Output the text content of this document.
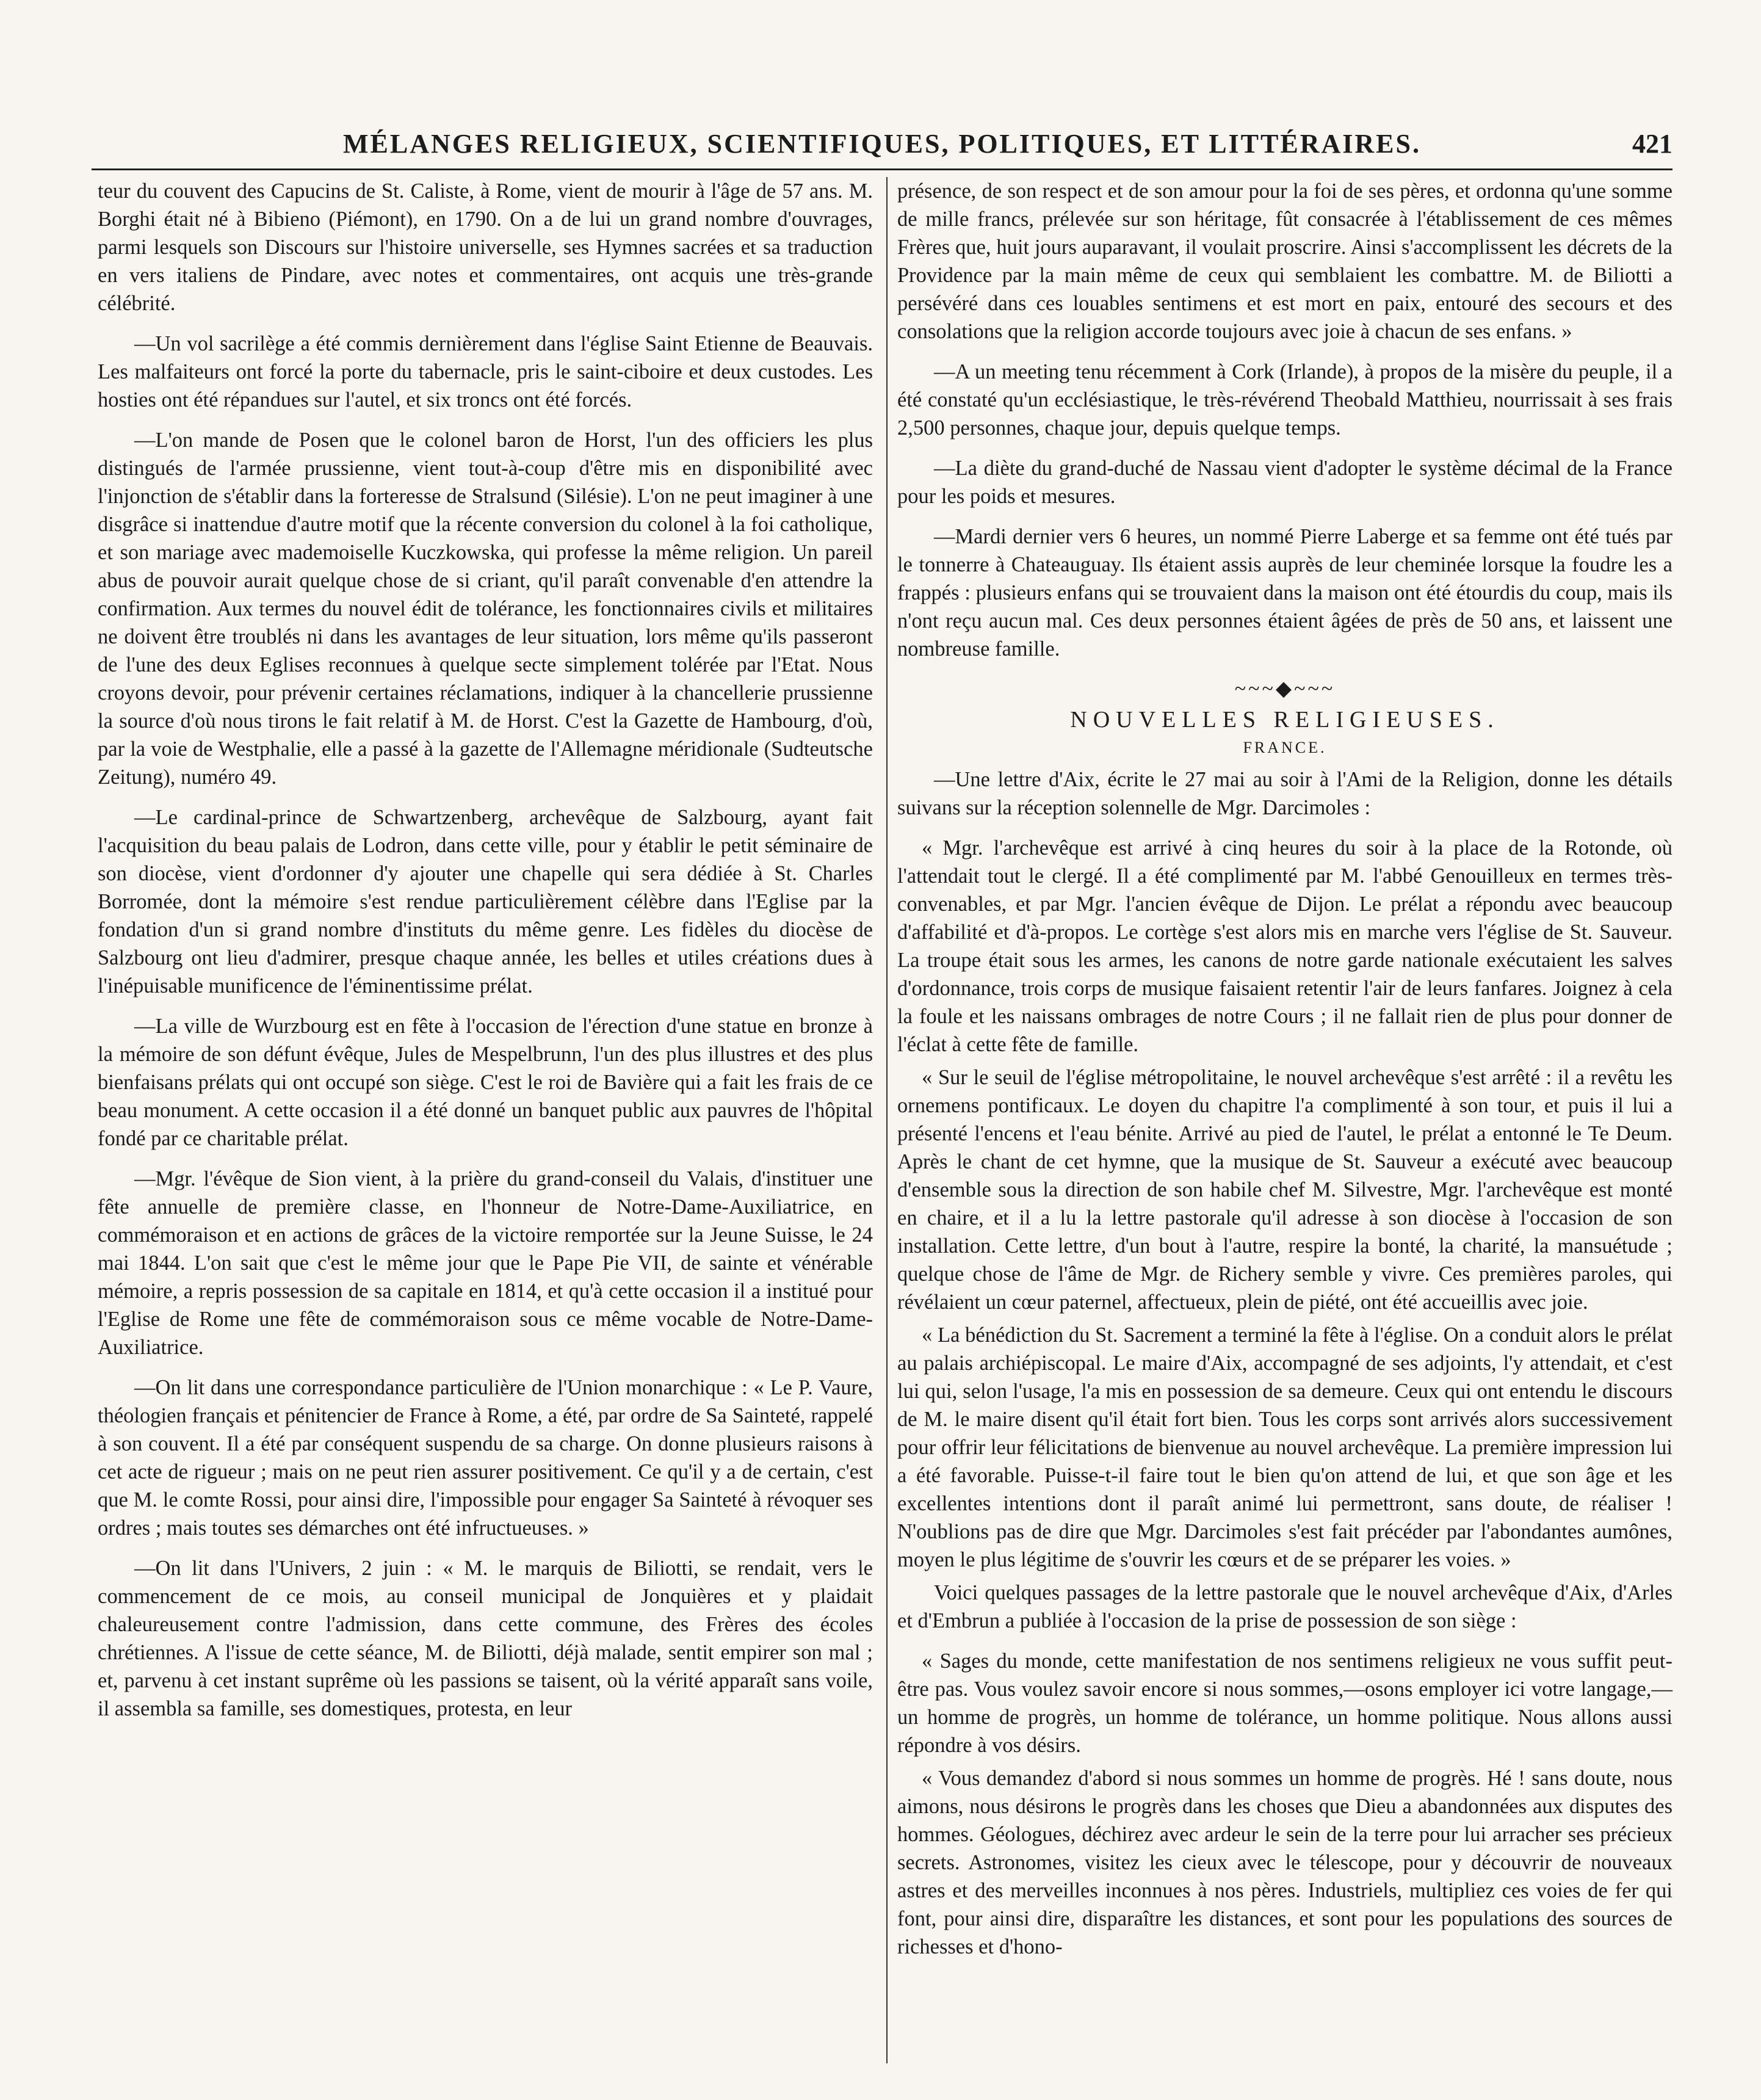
MÉLANGES RELIGIEUX, SCIENTIFIQUES, POLITIQUES, ET LITTÉRAIRES.	421

teur du couvent des Capucins de St. Caliste, à Rome, vient de mourir à l'âge de 57 ans. M. Borghi était né à Bibieno (Piémont), en 1790. On a de lui un grand nombre d'ouvrages, parmi lesquels son Discours sur l'histoire universelle, ses Hymnes sacrées et sa traduction en vers italiens de Pindare, avec notes et commentaires, ont acquis une très-grande célébrité.

—Un vol sacrilège a été commis dernièrement dans l'église Saint Etienne de Beauvais. Les malfaiteurs ont forcé la porte du tabernacle, pris le saint-ciboire et deux custodes. Les hosties ont été répandues sur l'autel, et six troncs ont été forcés.

—L'on mande de Posen que le colonel baron de Horst, l'un des officiers les plus distingués de l'armée prussienne, vient tout-à-coup d'être mis en disponibilité avec l'injonction de s'établir dans la forteresse de Stralsund (Silésie). L'on ne peut imaginer à une disgrâce si inattendue d'autre motif que la récente conversion du colonel à la foi catholique, et son mariage avec mademoiselle Kuczkowska, qui professe la même religion. Un pareil abus de pouvoir aurait quelque chose de si criant, qu'il paraît convenable d'en attendre la confirmation. Aux termes du nouvel édit de tolérance, les fonctionnaires civils et militaires ne doivent être troublés ni dans les avantages de leur situation, lors même qu'ils passeront de l'une des deux Eglises reconnues à quelque secte simplement tolérée par l'Etat. Nous croyons devoir, pour prévenir certaines réclamations, indiquer à la chancellerie prussienne la source d'où nous tirons le fait relatif à M. de Horst. C'est la Gazette de Hambourg, d'où, par la voie de Westphalie, elle a passé à la gazette de l'Allemagne méridionale (Sudteutsche Zeitung), numéro 49.

—Le cardinal-prince de Schwartzenberg, archevêque de Salzbourg, ayant fait l'acquisition du beau palais de Lodron, dans cette ville, pour y établir le petit séminaire de son diocèse, vient d'ordonner d'y ajouter une chapelle qui sera dédiée à St. Charles Borromée, dont la mémoire s'est rendue particulièrement célèbre dans l'Eglise par la fondation d'un si grand nombre d'instituts du même genre. Les fidèles du diocèse de Salzbourg ont lieu d'admirer, presque chaque année, les belles et utiles créations dues à l'inépuisable munificence de l'éminentissime prélat.

—La ville de Wurzbourg est en fête à l'occasion de l'érection d'une statue en bronze à la mémoire de son défunt évêque, Jules de Mespelbrunn, l'un des plus illustres et des plus bienfaisans prélats qui ont occupé son siège. C'est le roi de Bavière qui a fait les frais de ce beau monument. A cette occasion il a été donné un banquet public aux pauvres de l'hôpital fondé par ce charitable prélat.

—Mgr. l'évêque de Sion vient, à la prière du grand-conseil du Valais, d'instituer une fête annuelle de première classe, en l'honneur de Notre-Dame-Auxiliatrice, en commémoraison et en actions de grâces de la victoire remportée sur la Jeune Suisse, le 24 mai 1844. L'on sait que c'est le même jour que le Pape Pie VII, de sainte et vénérable mémoire, a repris possession de sa capitale en 1814, et qu'à cette occasion il a institué pour l'Eglise de Rome une fête de commémoraison sous ce même vocable de Notre-Dame-Auxiliatrice.

—On lit dans une correspondance particulière de l'Union monarchique : « Le P. Vaure, théologien français et pénitencier de France à Rome, a été, par ordre de Sa Sainteté, rappelé à son couvent. Il a été par conséquent suspendu de sa charge. On donne plusieurs raisons à cet acte de rigueur ; mais on ne peut rien assurer positivement. Ce qu'il y a de certain, c'est que M. le comte Rossi, pour ainsi dire, l'impossible pour engager Sa Sainteté à révoquer ses ordres ; mais toutes ses démarches ont été infructueuses. »

—On lit dans l'Univers, 2 juin : « M. le marquis de Biliotti, se rendait, vers le commencement de ce mois, au conseil municipal de Jonquières et y plaidait chaleureusement contre l'admission, dans cette commune, des Frères des écoles chrétiennes. A l'issue de cette séance, M. de Biliotti, déjà malade, sentit empirer son mal ; et, parvenu à cet instant suprême où les passions se taisent, où la vérité apparaît sans voile, il assembla sa famille, ses domestiques, protesta, en leur

présence, de son respect et de son amour pour la foi de ses pères, et ordonna qu'une somme de mille francs, prélevée sur son héritage, fût consacrée à l'établissement de ces mêmes Frères que, huit jours auparavant, il voulait proscrire. Ainsi s'accomplissent les décrets de la Providence par la main même de ceux qui semblaient les combattre. M. de Biliotti a persévéré dans ces louables sentimens et est mort en paix, entouré des secours et des consolations que la religion accorde toujours avec joie à chacun de ses enfans. »

—A un meeting tenu récemment à Cork (Irlande), à propos de la misère du peuple, il a été constaté qu'un ecclésiastique, le très-révérend Theobald Matthieu, nourrissait à ses frais 2,500 personnes, chaque jour, depuis quelque temps.

—La diète du grand-duché de Nassau vient d'adopter le système décimal de la France pour les poids et mesures.

—Mardi dernier vers 6 heures, un nommé Pierre Laberge et sa femme ont été tués par le tonnerre à Chateauguay. Ils étaient assis auprès de leur cheminée lorsque la foudre les a frappés : plusieurs enfans qui se trouvaient dans la maison ont été étourdis du coup, mais ils n'ont reçu aucun mal. Ces deux personnes étaient âgées de près de 50 ans, et laissent une nombreuse famille.

~~~◆~~~
NOUVELLES RELIGIEUSES.
FRANCE.

—Une lettre d'Aix, écrite le 27 mai au soir à l'Ami de la Religion, donne les détails suivans sur la réception solennelle de Mgr. Darcimoles :

« Mgr. l'archevêque est arrivé à cinq heures du soir à la place de la Rotonde, où l'attendait tout le clergé. Il a été complimenté par M. l'abbé Genouilleux en termes très-convenables, et par Mgr. l'ancien évêque de Dijon. Le prélat a répondu avec beaucoup d'affabilité et d'à-propos. Le cortège s'est alors mis en marche vers l'église de St. Sauveur. La troupe était sous les armes, les canons de notre garde nationale exécutaient les salves d'ordonnance, trois corps de musique faisaient retentir l'air de leurs fanfares. Joignez à cela la foule et les naissans ombrages de notre Cours ; il ne fallait rien de plus pour donner de l'éclat à cette fête de famille.

« Sur le seuil de l'église métropolitaine, le nouvel archevêque s'est arrêté : il a revêtu les ornemens pontificaux. Le doyen du chapitre l'a complimenté à son tour, et puis il lui a présenté l'encens et l'eau bénite. Arrivé au pied de l'autel, le prélat a entonné le Te Deum. Après le chant de cet hymne, que la musique de St. Sauveur a exécuté avec beaucoup d'ensemble sous la direction de son habile chef M. Silvestre, Mgr. l'archevêque est monté en chaire, et il a lu la lettre pastorale qu'il adresse à son diocèse à l'occasion de son installation. Cette lettre, d'un bout à l'autre, respire la bonté, la charité, la mansuétude ; quelque chose de l'âme de Mgr. de Richery semble y vivre. Ces premières paroles, qui révélaient un cœur paternel, affectueux, plein de piété, ont été accueillis avec joie.

« La bénédiction du St. Sacrement a terminé la fête à l'église. On a conduit alors le prélat au palais archiépiscopal. Le maire d'Aix, accompagné de ses adjoints, l'y attendait, et c'est lui qui, selon l'usage, l'a mis en possession de sa demeure. Ceux qui ont entendu le discours de M. le maire disent qu'il était fort bien. Tous les corps sont arrivés alors successivement pour offrir leur félicitations de bienvenue au nouvel archevêque. La première impression lui a été favorable. Puisse-t-il faire tout le bien qu'on attend de lui, et que son âge et les excellentes intentions dont il paraît animé lui permettront, sans doute, de réaliser ! N'oublions pas de dire que Mgr. Darcimoles s'est fait précéder par l'abondantes aumônes, moyen le plus légitime de s'ouvrir les cœurs et de se préparer les voies. »

Voici quelques passages de la lettre pastorale que le nouvel archevêque d'Aix, d'Arles et d'Embrun a publiée à l'occasion de la prise de possession de son siège :

« Sages du monde, cette manifestation de nos sentimens religieux ne vous suffit peut-être pas. Vous voulez savoir encore si nous sommes,—osons employer ici votre langage,—un homme de progrès, un homme de tolérance, un homme politique. Nous allons aussi répondre à vos désirs.

« Vous demandez d'abord si nous sommes un homme de progrès. Hé ! sans doute, nous aimons, nous désirons le progrès dans les choses que Dieu a abandonnées aux disputes des hommes. Géologues, déchirez avec ardeur le sein de la terre pour lui arracher ses précieux secrets. Astronomes, visitez les cieux avec le télescope, pour y découvrir de nouveaux astres et des merveilles inconnues à nos pères. Industriels, multipliez ces voies de fer qui font, pour ainsi dire, disparaître les distances, et sont pour les populations des sources de richesses et d'hono-
